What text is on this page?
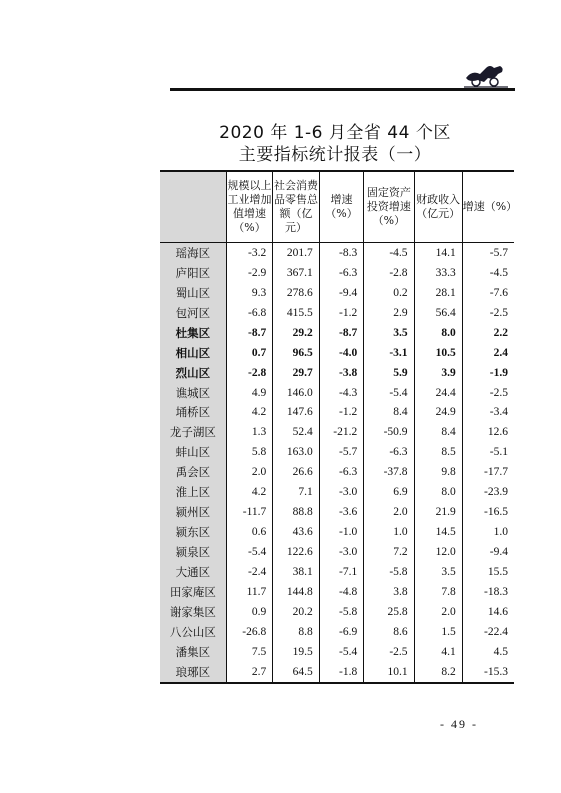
2020 年 1-6 月全省 44 个区
主要指标统计报表（一）
	规模以上工业增加值增速（%）	社会消费品零售总额（亿元）	增速（%）	固定资产投资增速（%）	财政收入（亿元）	增速（%）
瑶海区	-3.2	201.7	-8.3	-4.5	14.1	-5.7
庐阳区	-2.9	367.1	-6.3	-2.8	33.3	-4.5
蜀山区	9.3	278.6	-9.4	0.2	28.1	-7.6
包河区	-6.8	415.5	-1.2	2.9	56.4	-2.5
杜集区	-8.7	29.2	-8.7	3.5	8.0	2.2
相山区	0.7	96.5	-4.0	-3.1	10.5	2.4
烈山区	-2.8	29.7	-3.8	5.9	3.9	-1.9
谯城区	4.9	146.0	-4.3	-5.4	24.4	-2.5
埇桥区	4.2	147.6	-1.2	8.4	24.9	-3.4
龙子湖区	1.3	52.4	-21.2	-50.9	8.4	12.6
蚌山区	5.8	163.0	-5.7	-6.3	8.5	-5.1
禹会区	2.0	26.6	-6.3	-37.8	9.8	-17.7
淮上区	4.2	7.1	-3.0	6.9	8.0	-23.9
颍州区	-11.7	88.8	-3.6	2.0	21.9	-16.5
颍东区	0.6	43.6	-1.0	1.0	14.5	1.0
颍泉区	-5.4	122.6	-3.0	7.2	12.0	-9.4
大通区	-2.4	38.1	-7.1	-5.8	3.5	15.5
田家庵区	11.7	144.8	-4.8	3.8	7.8	-18.3
谢家集区	0.9	20.2	-5.8	25.8	2.0	14.6
八公山区	-26.8	8.8	-6.9	8.6	1.5	-22.4
潘集区	7.5	19.5	-5.4	-2.5	4.1	4.5
琅琊区	2.7	64.5	-1.8	10.1	8.2	-15.3
- 49 -
